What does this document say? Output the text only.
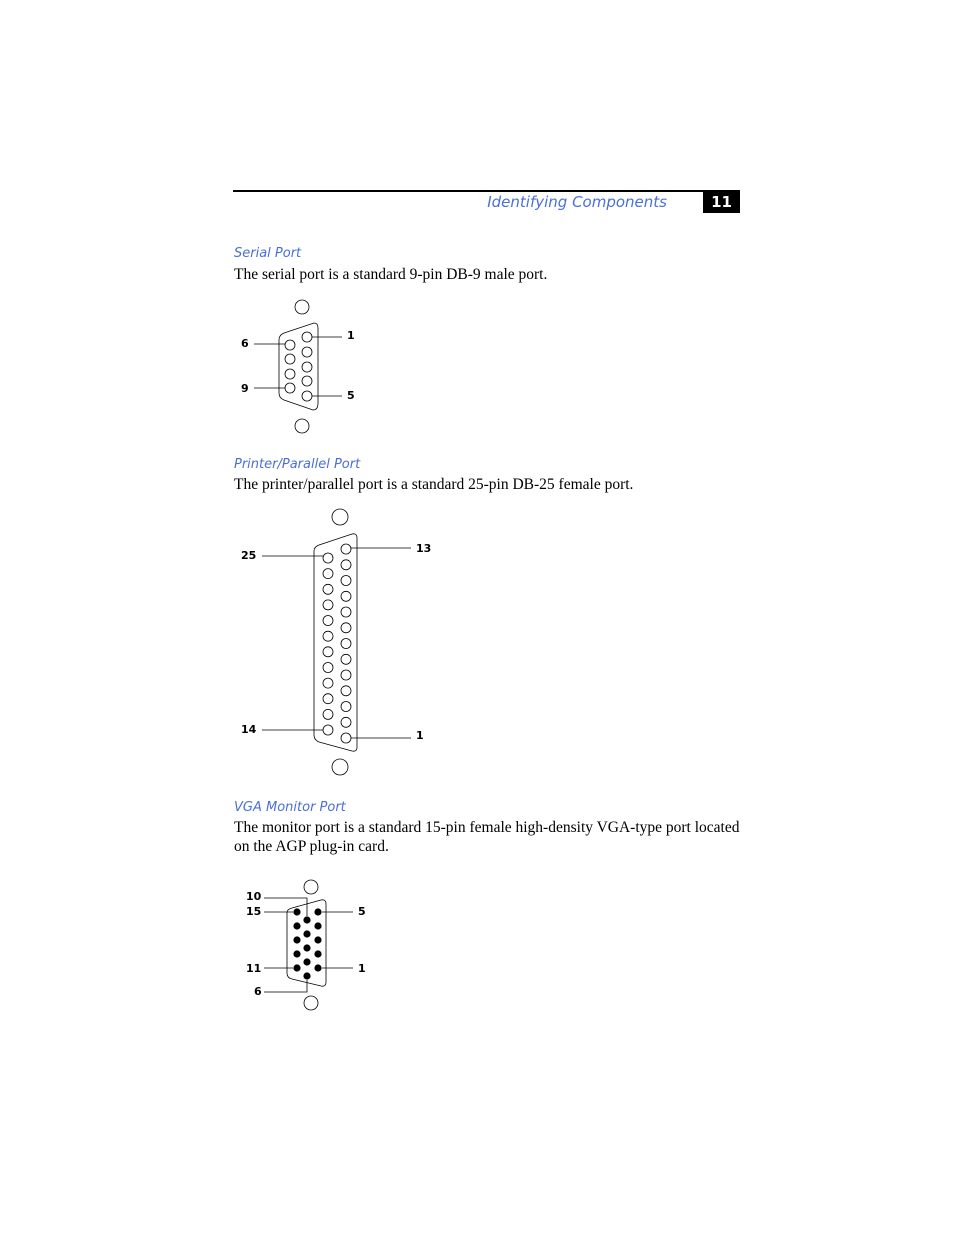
Identifying Components	11
Serial Port
The serial port is a standard 9-pin DB-9 male port.
1
6
9
5
Printer/Parallel Port
The printer/parallel port is a standard 25-pin DB-25 female port.
25
13
14	1
VGA Monitor Port
The monitor port is a standard 15-pin female high-density VGA-type port located on the AGP plug-in card.
10
15	5
11	1
6
